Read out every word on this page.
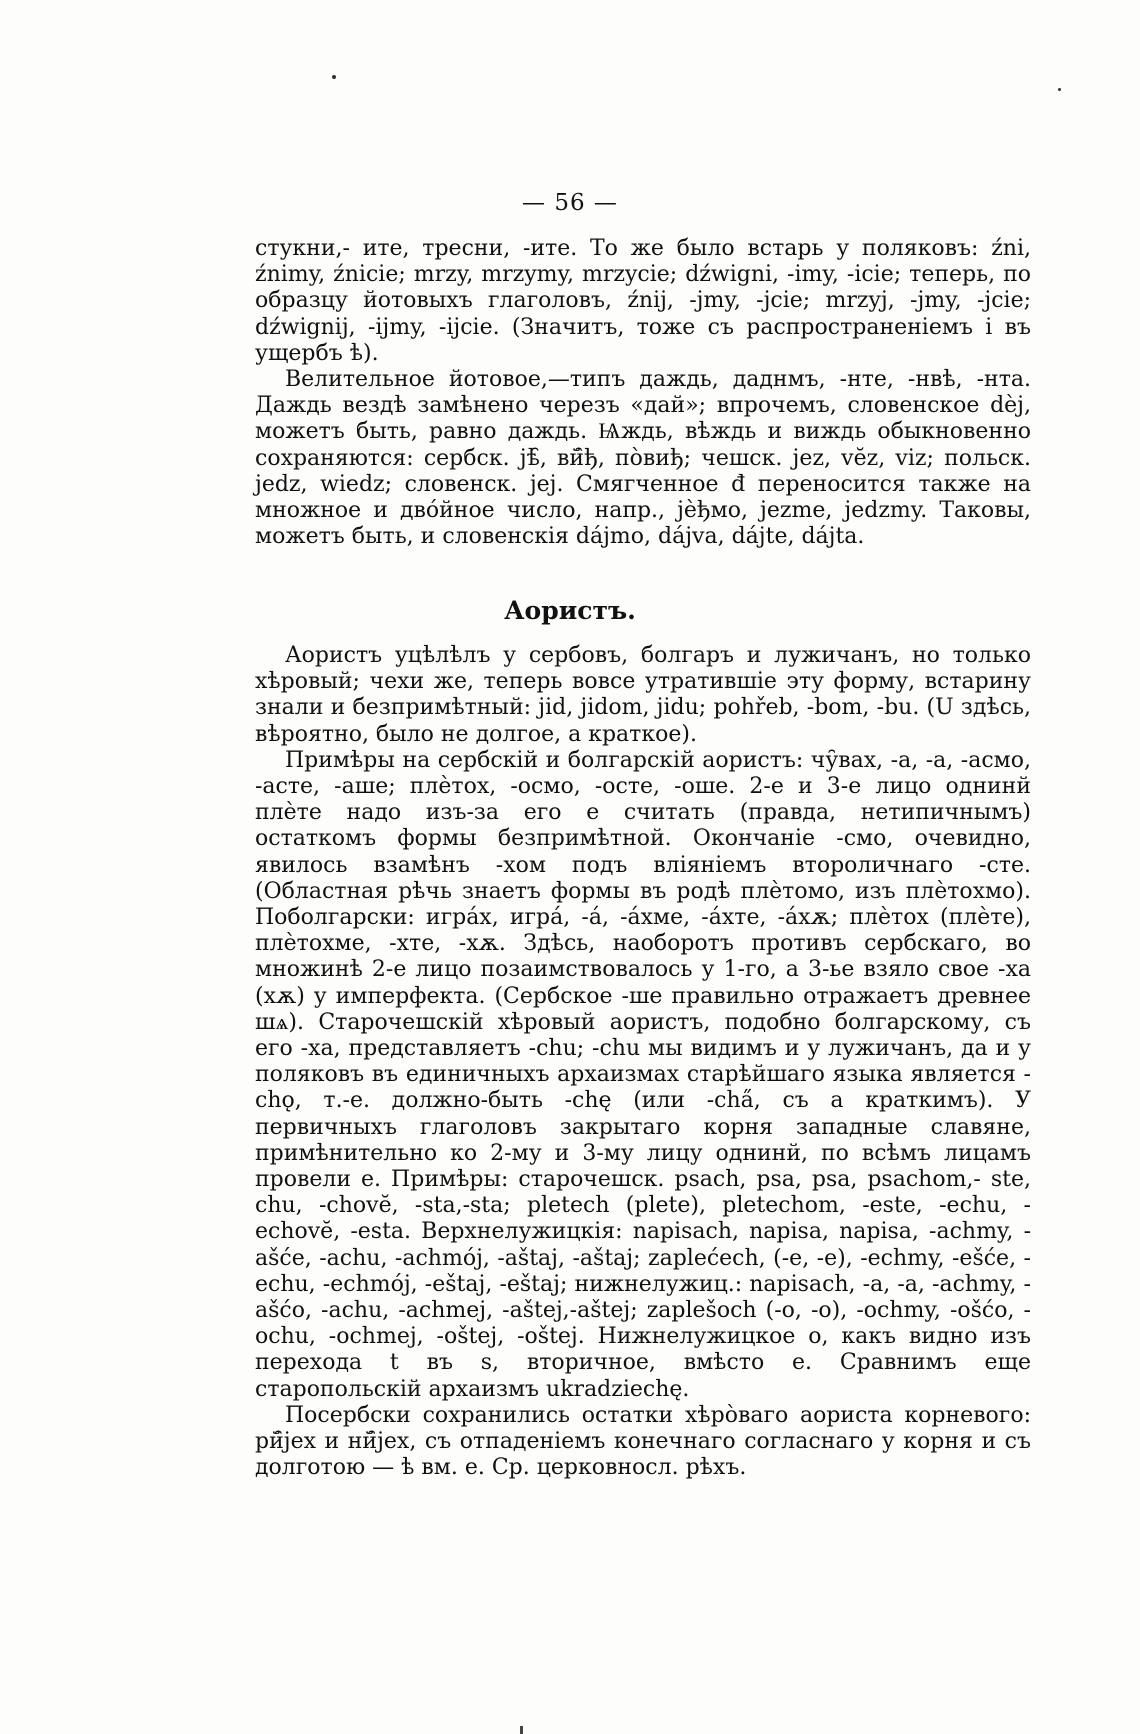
— 56 —

стукни,- ите, тресни, -ите. То же было встарь у поляковъ: źni, źnimy, źnicie; mrzy, mrzymy, mrzycie; dźwigni, -imy, -icie; теперь, по образцу йотовыхъ глаголовъ, źnij, -jmy, -jcie; mrzyj, -jmy, -jcie; dźwignij, -ijmy, -ijcie. (Значитъ, тоже съ распространеніемъ і въ ущербъ ѣ).

Велительное йотовое,—типъ даждь, даднмъ, -нте, -нвѣ, -нта. Даждь вездѣ замѣнено черезъ «дай»; впрочемъ, словенское dèj, можетъ быть, равно даждь. Ѩждь, вѣждь и виждь обыкновенно сохраняются: сербск. jѣ̑, вй̑ђ, пòвиђ; чешск. jez, vĕz, viz; польск. jedz, wiedz; словенск. jej. Смягченное đ переносится также на множное и двóйное число, напр., jѐђмо, jezme, jedzmy. Таковы, можетъ быть, и словенскія dájmo, dájva, dájte, dájta.

Аористъ.

Аористъ уцѣлѣлъ у сербовъ, болгаръ и лужичанъ, но только хѣровый; чехи же, теперь вовсе утратившіе эту форму, встарину знали и безпримѣтный: jid, jidom, jidu; pohřeb, -bom, -bu. (U здѣсь, вѣроятно, было не долгое, а краткое).

Примѣры на сербскій и болгарскій аористъ: чу̑вах, -а, -а, -асмо, -асте, -аше; плѐтох, -осмо, -осте, -оше. 2-е и 3-е лицо однинй плѐте надо изъ-за его е считать (правда, нетипичнымъ) остаткомъ формы безпримѣтной. Окончаніе -смо, очевидно, явилось взамѣнъ -хом подъ вліяніемъ второличнаго -сте. (Областная рѣчь знаетъ формы въ родѣ плѐтомо, изъ плѐтохмо). Поболгарски: игра́х, игра́, -а́, -а́хме, -а́хте, -а́хѫ; плѐтох (плѐте), плѐтохме, -хте, -хѫ. Здѣсь, наоборотъ противъ сербскаго, во множинѣ 2-е лицо позаимствовалось у 1-го, а 3-ье взяло свое -ха (хѫ) у имперфекта. (Сербское -ше правильно отражаетъ древнее шѧ). Старочешскій хѣровый аористъ, подобно болгарскому, съ его -ха, представляетъ -chu; -chu мы видимъ и у лужичанъ, да и у поляковъ въ единичныхъ архаизмах старѣйшаго языка является -chǫ, т.-е. должно-быть -chę (или -cha̋, съ а краткимъ). У первичныхъ глаголовъ закрытаго корня западные славяне, примѣнительно ко 2-му и 3-му лицу однинй, по всѣмъ лицамъ провели е. Примѣры: старочешск. psach, psa, psa, psachom,- ste, chu, -chovĕ, -sta,-sta; pletech (plete), pletechom, -este, -echu, -echovĕ, -esta. Верхнелужицкія: napisach, napisa, napisa, -achmy, -ašće, -achu, -achmój, -aštaj, -aštaj; zaplećech, (-e, -e), -echmy, -ešće, -echu, -echmój, -eštaj, -eštaj; нижнелужиц.: napisach, -a, -a, -achmy, -ašćo, -achu, -achmej, -aštej,-aštej; zaplešoch (-o, -o), -ochmy, -ošćo, -ochu, -ochmej, -oštej, -oštej. Нижнелужицкое о, какъ видно изъ перехода t въ s, вторичное, вмѣсто е. Сравнимъ еще старопольскій архаизмъ ukradziechę.

Посербски сохранились остатки хѣрòваго аориста корневого: рй̑јех и нй̑јех, съ отпаденіемъ конечнаго согласнаго у корня и съ долготою — ѣ вм. е. Ср. церковносл. рѣхъ.
